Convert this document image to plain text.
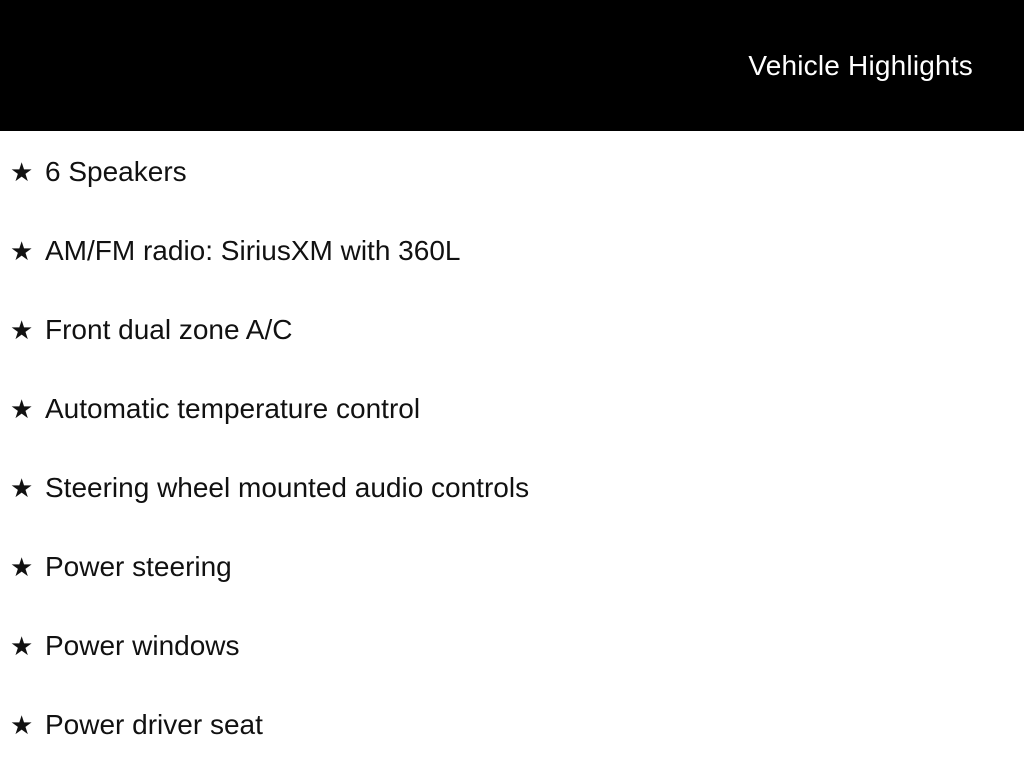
Vehicle Highlights
★ 6 Speakers
★ AM/FM radio: SiriusXM with 360L
★ Front dual zone A/C
★ Automatic temperature control
★ Steering wheel mounted audio controls
★ Power steering
★ Power windows
★ Power driver seat
